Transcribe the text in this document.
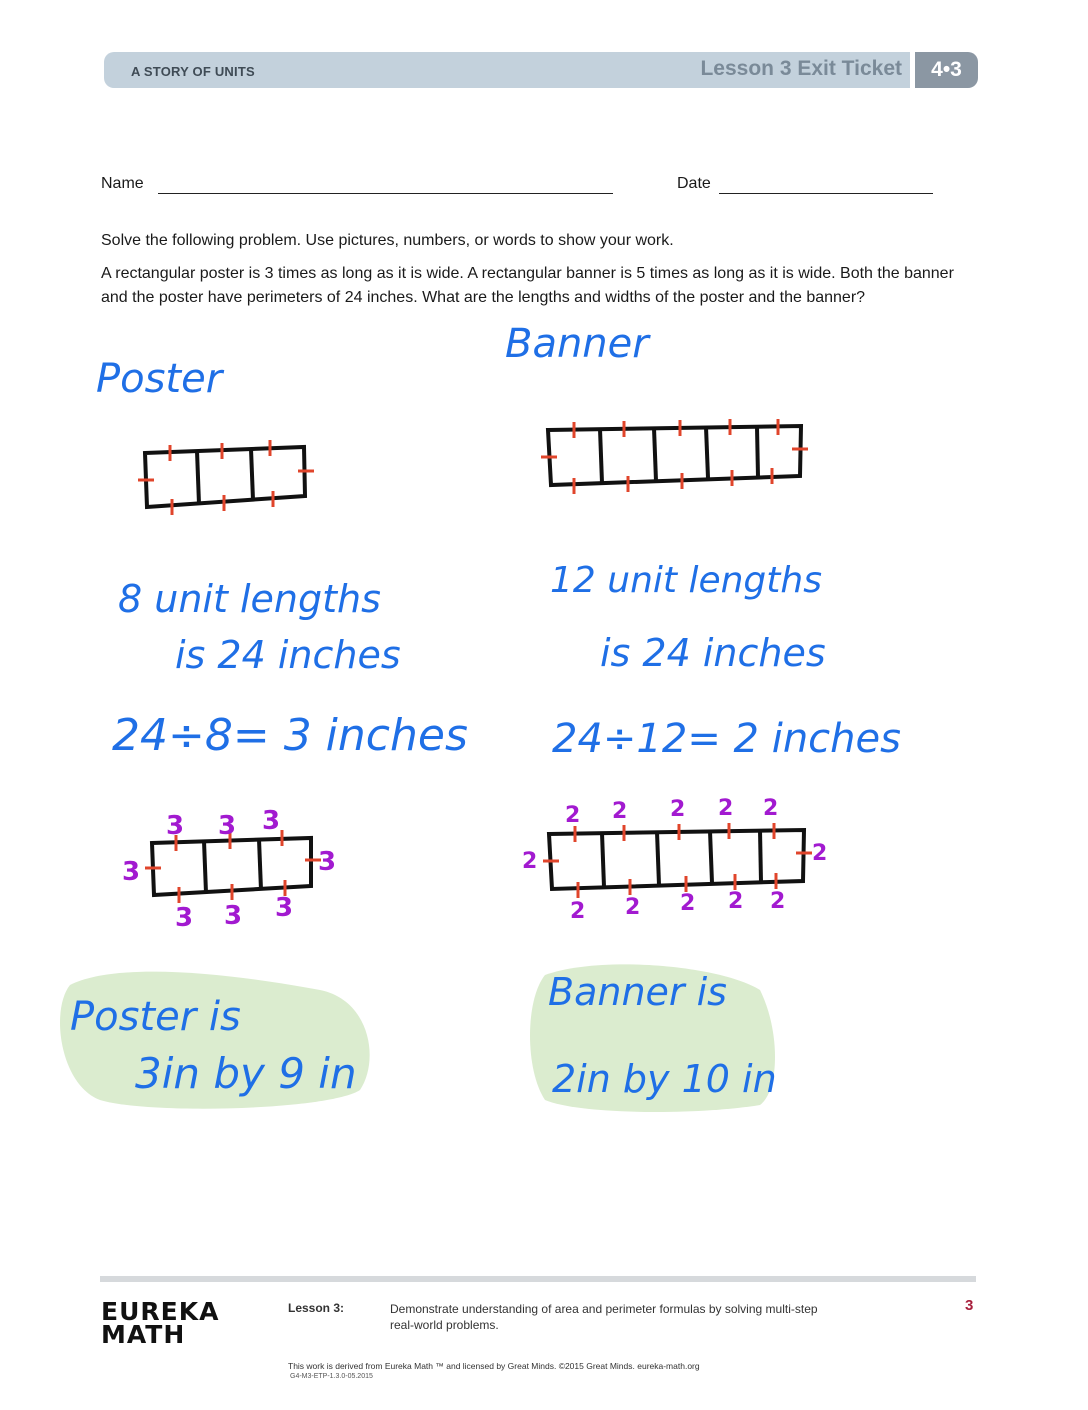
A STORY OF UNITS	Lesson 3 Exit Ticket	4•3
Name	Date
Solve the following problem. Use pictures, numbers, or words to show your work.
A rectangular poster is 3 times as long as it is wide. A rectangular banner is 5 times as long as it is wide. Both the banner and the poster have perimeters of 24 inches. What are the lengths and widths of the poster and the banner?
Poster
Banner
8 unit lengths
is 24 inches
24÷8= 3 inches
12 unit lengths
is 24 inches
24÷12= 2 inches
3 3 3
3	3
3 3 3
2 2 2 2 2
2	2
2 2 2 2 2
Poster is
3in by 9 in
Banner is
2in by 10 in
EUREKA
MATH
Lesson 3:	Demonstrate understanding of area and perimeter formulas by solving multi-step real-world problems.
3
This work is derived from Eureka Math ™ and licensed by Great Minds. ©2015 Great Minds. eureka-math.org
G4-M3-ETP-1.3.0-05.2015
